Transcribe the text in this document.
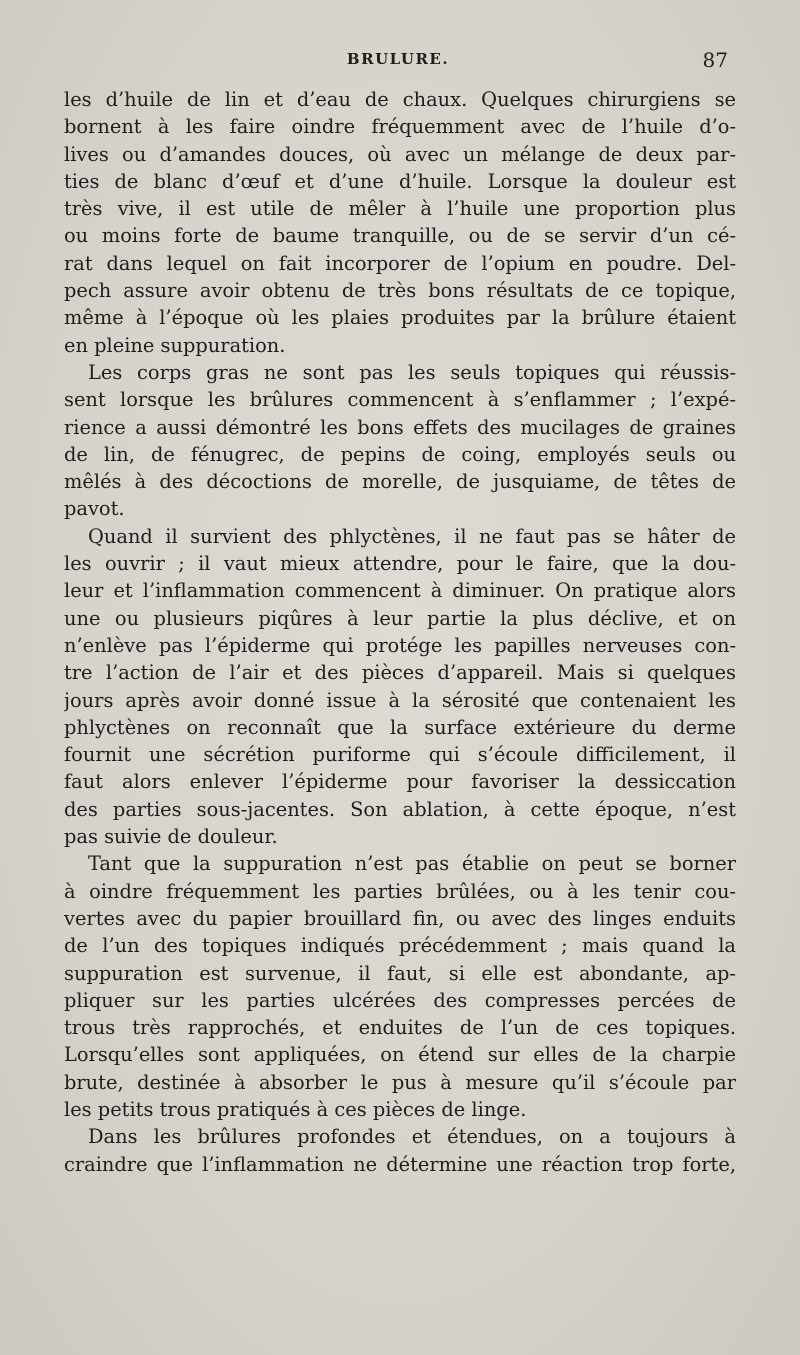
BRULURE.	87
les d’huile de lin et d’eau de chaux. Quelques chirurgiens se
bornent à les faire oindre fréquemment avec de l’huile d’o-
lives ou d’amandes douces, où avec un mélange de deux par-
ties de blanc d’œuf et d’une d’huile. Lorsque la douleur est
très vive, il est utile de mêler à l’huile une proportion plus
ou moins forte de baume tranquille, ou de se servir d’un cé-
rat dans lequel on fait incorporer de l’opium en poudre. Del-
pech assure avoir obtenu de très bons résultats de ce topique,
même à l’époque où les plaies produites par la brûlure étaient
en pleine suppuration.
Les corps gras ne sont pas les seuls topiques qui réussis-
sent lorsque les brûlures commencent à s’enflammer ; l’expé-
rience a aussi démontré les bons effets des mucilages de graines
de lin, de fénugrec, de pepins de coing, employés seuls ou
mêlés à des décoctions de morelle, de jusquiame, de têtes de
pavot.
Quand il survient des phlyctènes, il ne faut pas se hâter de
les ouvrir ; il vaut mieux attendre, pour le faire, que la dou-
leur et l’inflammation commencent à diminuer. On pratique alors
une ou plusieurs piqûres à leur partie la plus déclive, et on
n’enlève pas l’épiderme qui protége les papilles nerveuses con-
tre l’action de l’air et des pièces d’appareil. Mais si quelques
jours après avoir donné issue à la sérosité que contenaient les
phlyctènes on reconnaît que la surface extérieure du derme
fournit une sécrétion puriforme qui s’écoule difficilement, il
faut alors enlever l’épiderme pour favoriser la dessiccation
des parties sous-jacentes. Son ablation, à cette époque, n’est
pas suivie de douleur.
Tant que la suppuration n’est pas établie on peut se borner
à oindre fréquemment les parties brûlées, ou à les tenir cou-
vertes avec du papier brouillard fin, ou avec des linges enduits
de l’un des topiques indiqués précédemment ; mais quand la
suppuration est survenue, il faut, si elle est abondante, ap-
pliquer sur les parties ulcérées des compresses percées de
trous très rapprochés, et enduites de l’un de ces topiques.
Lorsqu’elles sont appliquées, on étend sur elles de la charpie
brute, destinée à absorber le pus à mesure qu’il s’écoule par
les petits trous pratiqués à ces pièces de linge.
Dans les brûlures profondes et étendues, on a toujours à
craindre que l’inflammation ne détermine une réaction trop forte,
